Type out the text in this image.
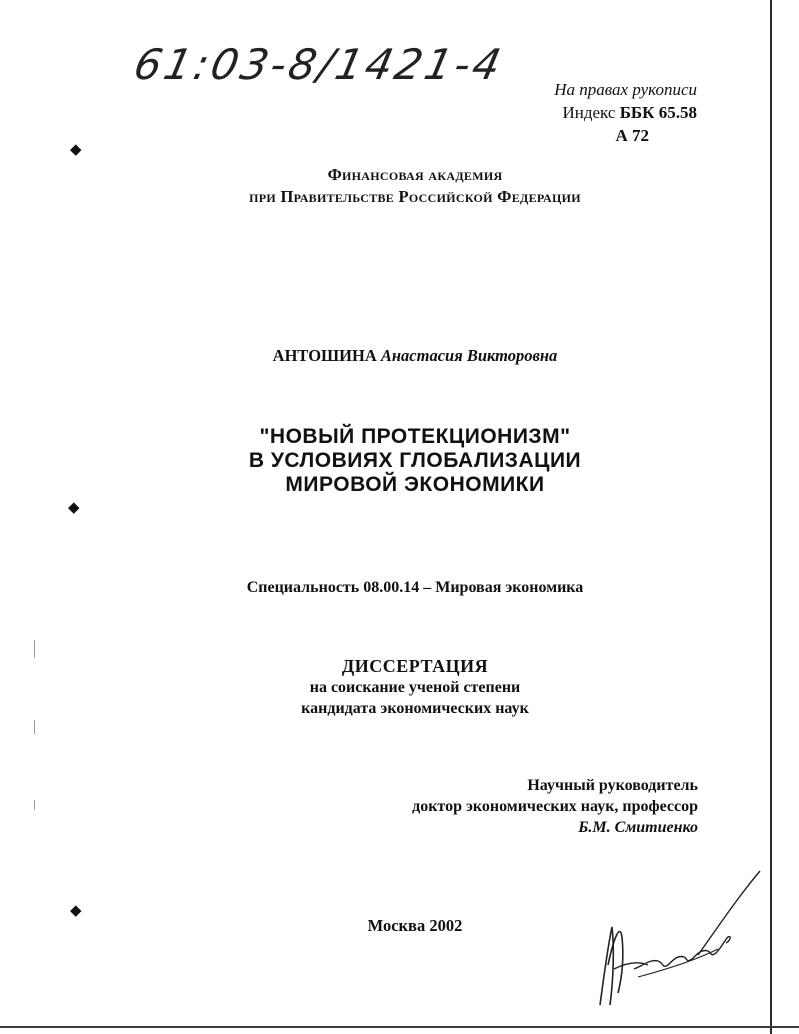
61:03-8/1421-4
◆
◆
◆
На правах рукописи
Индекс ББК 65.58
А 72
Финансовая академия
при Правительстве Российской Федерации
АНТОШИНА Анастасия Викторовна
"НОВЫЙ ПРОТЕКЦИОНИЗМ"
В УСЛОВИЯХ ГЛОБАЛИЗАЦИИ
МИРОВОЙ ЭКОНОМИКИ
Специальность 08.00.14 – Мировая экономика
ДИССЕРТАЦИЯ
на соискание ученой степени
кандидата экономических наук
Научный руководитель
доктор экономических наук, профессор
Б.М. Смитиенко
Москва 2002
